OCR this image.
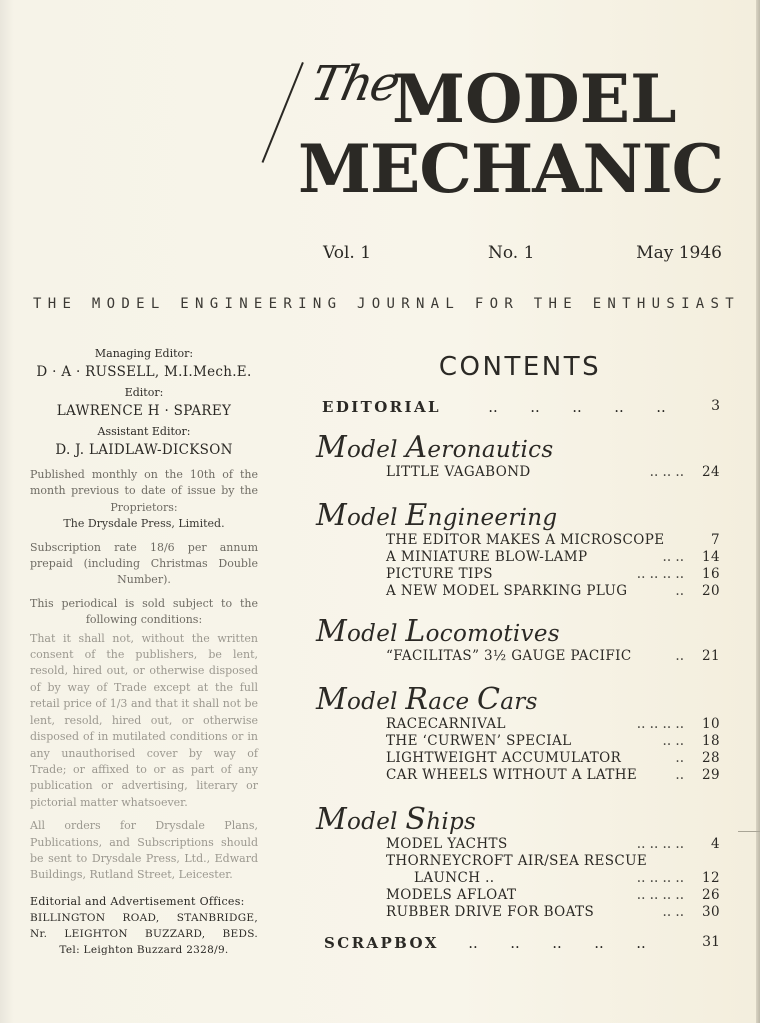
The
MODEL
MECHANIC
Vol. 1	No. 1	May 1946
THE MODEL ENGINEERING JOURNAL FOR THE ENTHUSIAST
Managing Editor:
D · A · RUSSELL, M.I.Mech.E.
Editor:
LAWRENCE H · SPAREY
Assistant Editor:
D. J. LAIDLAW-DICKSON
Published monthly on the 10th of the month previous to date of issue by the Proprietors:
The Drysdale Press, Limited.
Subscription rate 18/6 per annum prepaid (including Christmas Double Number).
This periodical is sold subject to the following conditions:
That it shall not, without the written consent of the publishers, be lent, resold, hired out, or otherwise disposed of by way of Trade except at the full retail price of 1/3 and that it shall not be lent, resold, hired out, or otherwise disposed of in mutilated conditions or in any unauthorised cover by way of Trade; or affixed to or as part of any publication or advertising, literary or pictorial matter whatsoever.
All orders for Drysdale Plans, Publications, and Subscriptions should be sent to Drysdale Press, Ltd., Edward Buildings, Rutland Street, Leicester.
Editorial and Advertisement Offices:
BILLINGTON ROAD, STANBRIDGE,
Nr. LEIGHTON BUZZARD, BEDS.
Tel: Leighton Buzzard 2328/9.
CONTENTS
EDITORIAL	.. .. .. .. ..	3
Model Aeronautics
LITTLE VAGABOND	.. .. .. 24
Model Engineering
THE EDITOR MAKES A MICROSCOPE	7
A MINIATURE BLOW-LAMP	.. .. 14
PICTURE TIPS	.. .. .. .. 16
A NEW MODEL SPARKING PLUG	.. 20
Model Locomotives
“FACILITAS” 3½ GAUGE PACIFIC	.. 21
Model Race Cars
RACECARNIVAL	.. .. .. .. 10
THE ‘CURWEN’ SPECIAL	.. .. 18
LIGHTWEIGHT ACCUMULATOR	.. 28
CAR WHEELS WITHOUT A LATHE	.. 29
Model Ships
MODEL YACHTS	.. .. .. .. 4
THORNEYCROFT AIR/SEA RESCUE
LAUNCH ..	.. .. .. .. 12
MODELS AFLOAT	.. .. .. .. 26
RUBBER DRIVE FOR BOATS	.. .. 30
SCRAPBOX	.. .. .. .. ..	31
